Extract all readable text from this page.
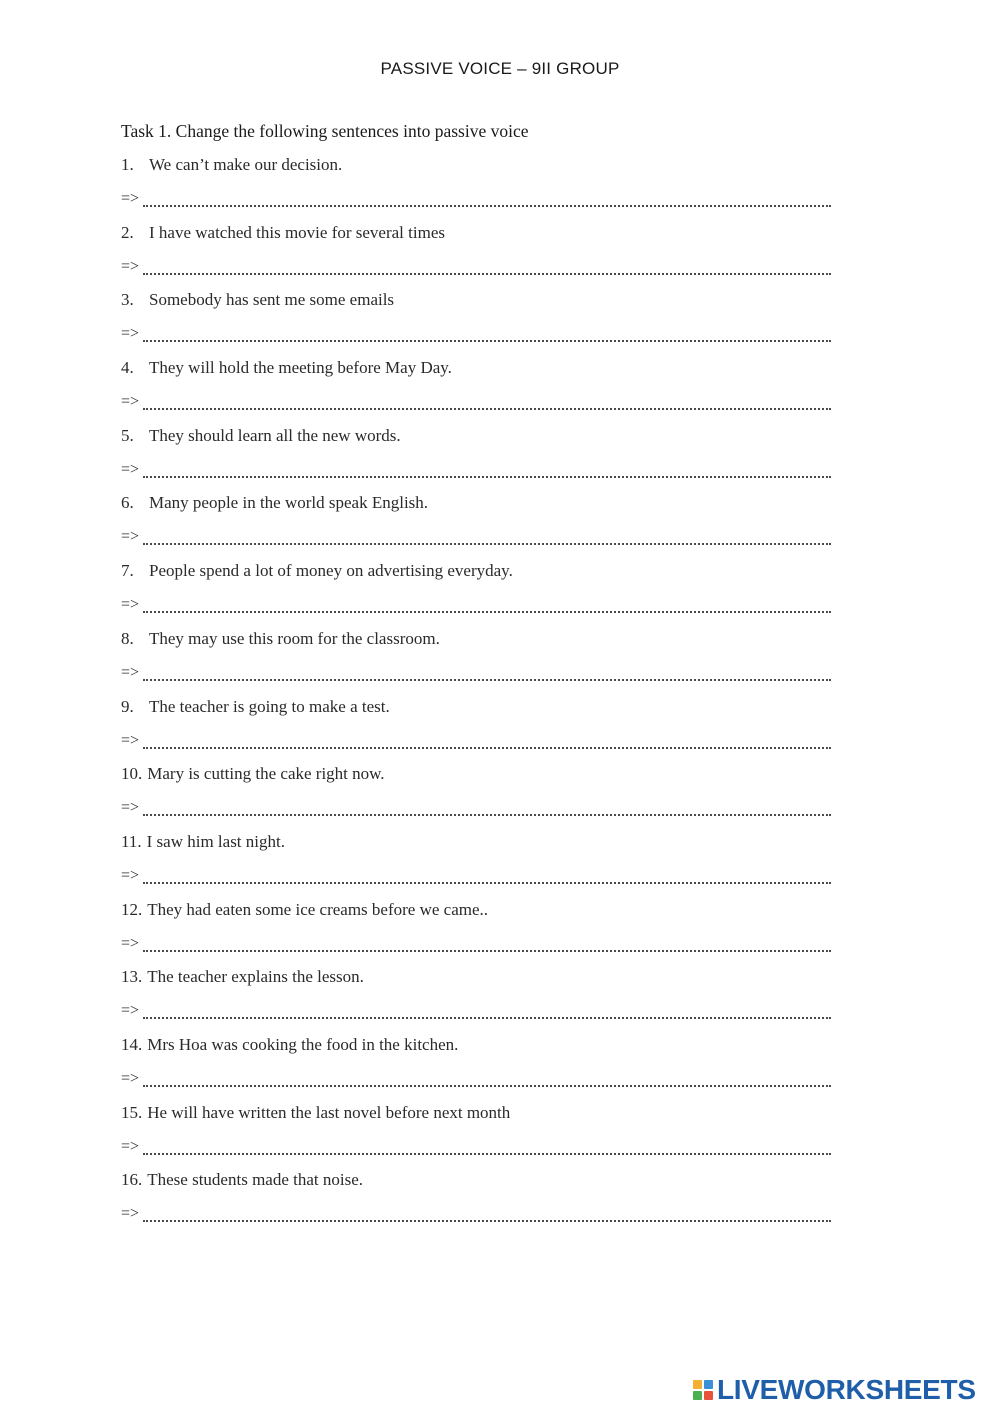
PASSIVE VOICE – 9II GROUP
Task 1. Change the following sentences into passive voice
1. We can’t make our decision.
=>
2. I have watched this movie for several times
=>
3. Somebody has sent me some emails
=>
4. They will hold the meeting before May Day.
=>
5. They should learn all the new words.
=>
6. Many people in the world speak English.
=>
7. People spend a lot of money on advertising everyday.
=>
8. They may use this room for the classroom.
=>
9. The teacher is going to make a test.
=>
10. Mary is cutting the cake right now.
=>
11. I saw him last night.
=>
12. They had eaten some ice creams before we came..
=>
13. The teacher explains the lesson.
=>
14. Mrs Hoa was cooking the food in the kitchen.
=>
15. He will have written the last novel before next month
=>
16. These students made that noise.
=>
LIVEWORKSHEETS
